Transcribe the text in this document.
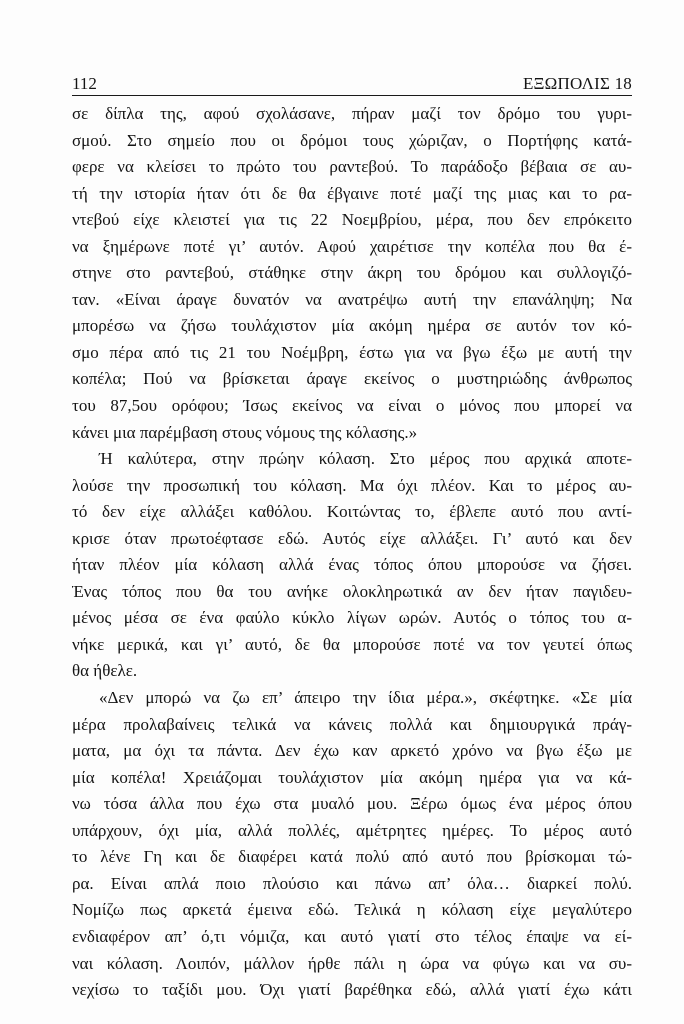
112	ΕΞΩΠΟΛΙΣ 18
σε δίπλα της, αφού σχολάσανε, πήραν μαζί τον δρόμο του γυρι-
σμού. Στο σημείο που οι δρόμοι τους χώριζαν, ο Πορτήφης κατά-
φερε να κλείσει το πρώτο του ραντεβού. Το παράδοξο βέβαια σε αυ-
τή την ιστορία ήταν ότι δε θα έβγαινε ποτέ μαζί της μιας και το ρα-
ντεβού είχε κλειστεί για τις 22 Νοεμβρίου, μέρα, που δεν επρόκειτο
να ξημέρωνε ποτέ γι’ αυτόν. Αφού χαιρέτισε την κοπέλα που θα έ-
στηνε στο ραντεβού, στάθηκε στην άκρη του δρόμου και συλλογιζό-
ταν. «Είναι άραγε δυνατόν να ανατρέψω αυτή την επανάληψη; Να
μπορέσω να ζήσω τουλάχιστον μία ακόμη ημέρα σε αυτόν τον κό-
σμο πέρα από τις 21 του Νοέμβρη, έστω για να βγω έξω με αυτή την
κοπέλα; Πού να βρίσκεται άραγε εκείνος ο μυστηριώδης άνθρωπος
του 87,5ου ορόφου; Ίσως εκείνος να είναι ο μόνος που μπορεί να
κάνει μια παρέμβαση στους νόμους της κόλασης.»
Ή καλύτερα, στην πρώην κόλαση. Στο μέρος που αρχικά αποτε-
λούσε την προσωπική του κόλαση. Μα όχι πλέον. Και το μέρος αυ-
τό δεν είχε αλλάξει καθόλου. Κοιτώντας το, έβλεπε αυτό που αντί-
κρισε όταν πρωτοέφτασε εδώ. Αυτός είχε αλλάξει. Γι’ αυτό και δεν
ήταν πλέον μία κόλαση αλλά ένας τόπος όπου μπορούσε να ζήσει.
Ένας τόπος που θα του ανήκε ολοκληρωτικά αν δεν ήταν παγιδευ-
μένος μέσα σε ένα φαύλο κύκλο λίγων ωρών. Αυτός ο τόπος του α-
νήκε μερικά, και γι’ αυτό, δε θα μπορούσε ποτέ να τον γευτεί όπως
θα ήθελε.
«Δεν μπορώ να ζω επ’ άπειρο την ίδια μέρα.», σκέφτηκε. «Σε μία
μέρα προλαβαίνεις τελικά να κάνεις πολλά και δημιουργικά πράγ-
ματα, μα όχι τα πάντα. Δεν έχω καν αρκετό χρόνο να βγω έξω με
μία κοπέλα! Χρειάζομαι τουλάχιστον μία ακόμη ημέρα για να κά-
νω τόσα άλλα που έχω στα μυαλό μου. Ξέρω όμως ένα μέρος όπου
υπάρχουν, όχι μία, αλλά πολλές, αμέτρητες ημέρες. Το μέρος αυτό
το λένε Γη και δε διαφέρει κατά πολύ από αυτό που βρίσκομαι τώ-
ρα. Είναι απλά ποιο πλούσιο και πάνω απ’ όλα… διαρκεί πολύ.
Νομίζω πως αρκετά έμεινα εδώ. Τελικά η κόλαση είχε μεγαλύτερο
ενδιαφέρον απ’ ό,τι νόμιζα, και αυτό γιατί στο τέλος έπαψε να εί-
ναι κόλαση. Λοιπόν, μάλλον ήρθε πάλι η ώρα να φύγω και να συ-
νεχίσω το ταξίδι μου. Όχι γιατί βαρέθηκα εδώ, αλλά γιατί έχω κάτι
